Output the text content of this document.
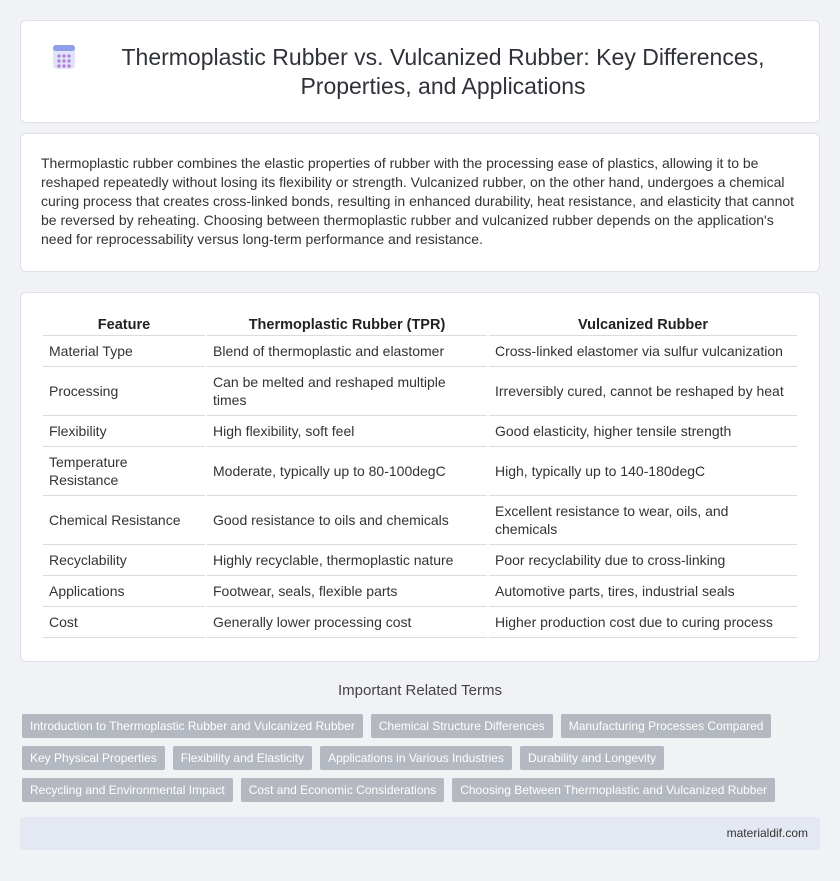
Thermoplastic Rubber vs. Vulcanized Rubber: Key Differences, Properties, and Applications

Thermoplastic rubber combines the elastic properties of rubber with the processing ease of plastics, allowing it to be reshaped repeatedly without losing its flexibility or strength. Vulcanized rubber, on the other hand, undergoes a chemical curing process that creates cross-linked bonds, resulting in enhanced durability, heat resistance, and elasticity that cannot be reversed by reheating. Choosing between thermoplastic rubber and vulcanized rubber depends on the application's need for reprocessability versus long-term performance and resistance.

Feature	Thermoplastic Rubber (TPR)	Vulcanized Rubber
Material Type	Blend of thermoplastic and elastomer	Cross-linked elastomer via sulfur vulcanization
Processing	Can be melted and reshaped multiple times	Irreversibly cured, cannot be reshaped by heat
Flexibility	High flexibility, soft feel	Good elasticity, higher tensile strength
Temperature Resistance	Moderate, typically up to 80-100degC	High, typically up to 140-180degC
Chemical Resistance	Good resistance to oils and chemicals	Excellent resistance to wear, oils, and chemicals
Recyclability	Highly recyclable, thermoplastic nature	Poor recyclability due to cross-linking
Applications	Footwear, seals, flexible parts	Automotive parts, tires, industrial seals
Cost	Generally lower processing cost	Higher production cost due to curing process
Important Related Terms
Introduction to Thermoplastic Rubber and Vulcanized Rubber	Chemical Structure Differences	Manufacturing Processes Compared
Key Physical Properties	Flexibility and Elasticity	Applications in Various Industries	Durability and Longevity
Recycling and Environmental Impact	Cost and Economic Considerations	Choosing Between Thermoplastic and Vulcanized Rubber
materialdif.com
